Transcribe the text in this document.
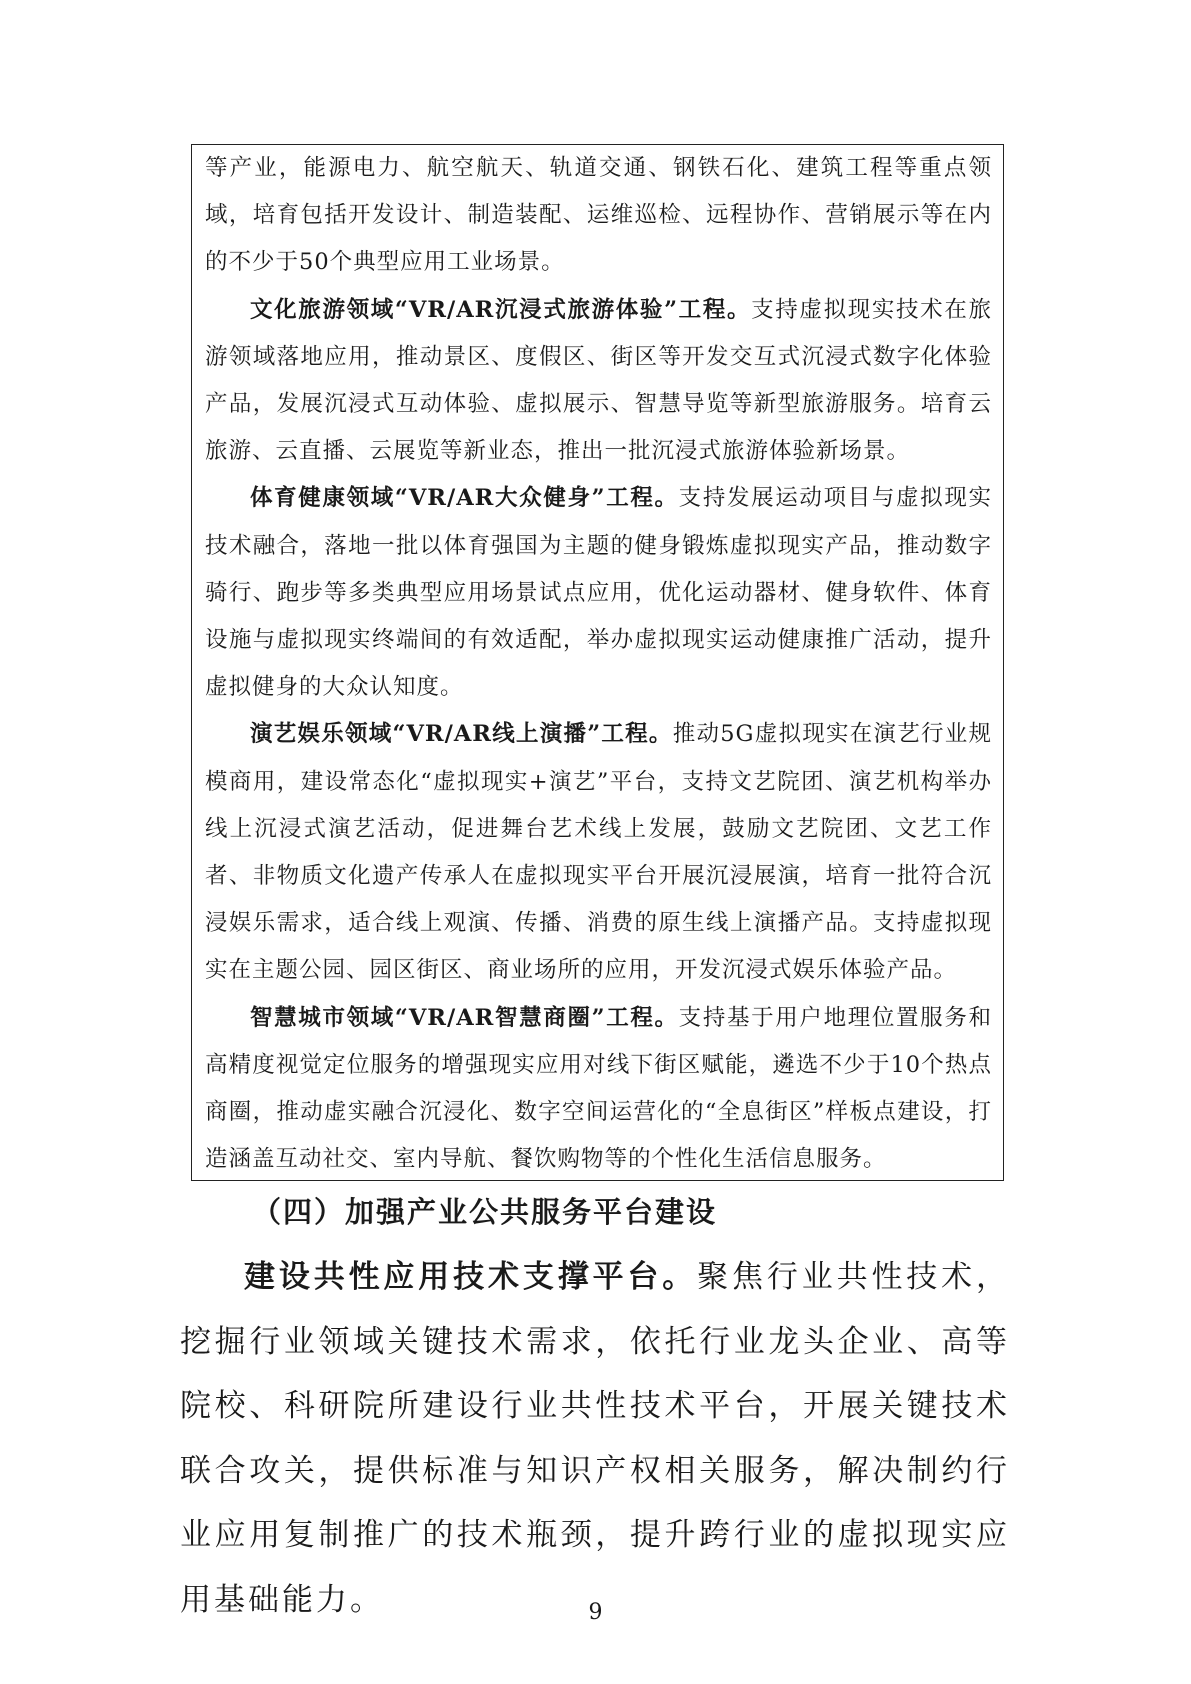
等产业，能源电力、航空航天、轨道交通、钢铁石化、建筑工程等重点领域，培育包括开发设计、制造装配、运维巡检、远程协作、营销展示等在内的不少于50个典型应用工业场景。

文化旅游领域“VR/AR沉浸式旅游体验”工程。支持虚拟现实技术在旅游领域落地应用，推动景区、度假区、街区等开发交互式沉浸式数字化体验产品，发展沉浸式互动体验、虚拟展示、智慧导览等新型旅游服务。培育云旅游、云直播、云展览等新业态，推出一批沉浸式旅游体验新场景。

体育健康领域“VR/AR大众健身”工程。支持发展运动项目与虚拟现实技术融合，落地一批以体育强国为主题的健身锻炼虚拟现实产品，推动数字骑行、跑步等多类典型应用场景试点应用，优化运动器材、健身软件、体育设施与虚拟现实终端间的有效适配，举办虚拟现实运动健康推广活动，提升虚拟健身的大众认知度。

演艺娱乐领域“VR/AR线上演播”工程。推动5G虚拟现实在演艺行业规模商用，建设常态化“虚拟现实+演艺”平台，支持文艺院团、演艺机构举办线上沉浸式演艺活动，促进舞台艺术线上发展，鼓励文艺院团、文艺工作者、非物质文化遗产传承人在虚拟现实平台开展沉浸展演，培育一批符合沉浸娱乐需求，适合线上观演、传播、消费的原生线上演播产品。支持虚拟现实在主题公园、园区街区、商业场所的应用，开发沉浸式娱乐体验产品。

智慧城市领域“VR/AR智慧商圈”工程。支持基于用户地理位置服务和高精度视觉定位服务的增强现实应用对线下街区赋能，遴选不少于10个热点商圈，推动虚实融合沉浸化、数字空间运营化的“全息街区”样板点建设，打造涵盖互动社交、室内导航、餐饮购物等的个性化生活信息服务。

（四）加强产业公共服务平台建设

建设共性应用技术支撑平台。聚焦行业共性技术，挖掘行业领域关键技术需求，依托行业龙头企业、高等院校、科研院所建设行业共性技术平台，开展关键技术联合攻关，提供标准与知识产权相关服务，解决制约行业应用复制推广的技术瓶颈，提升跨行业的虚拟现实应用基础能力。	9
